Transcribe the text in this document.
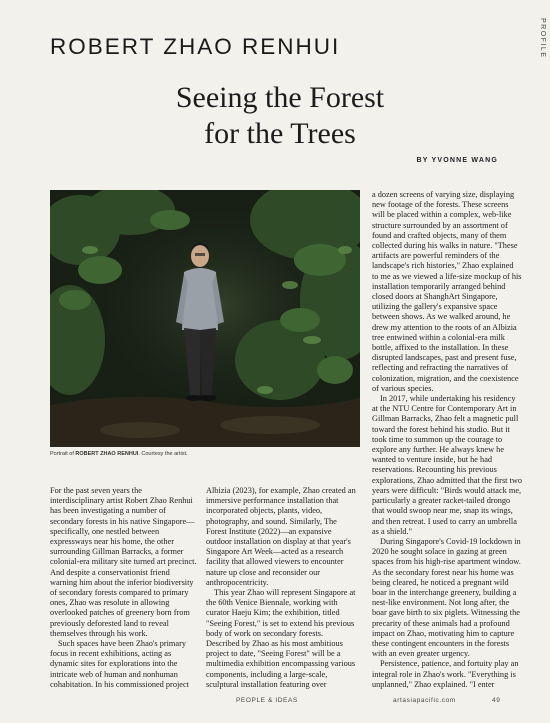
PROFILE
ROBERT ZHAO RENHUI
Seeing the Forest
for the Trees
BY YVONNE WANG
Portrait of ROBERT ZHAO RENHUI. Courtesy the artist.

For the past seven years the interdisciplinary artist Robert Zhao Renhui has been investigating a number of secondary forests in his native Singapore—specifically, one nestled between expressways near his home, the other surrounding Gillman Barracks, a former colonial-era military site turned art precinct. And despite a conservationist friend warning him about the inferior biodiversity of secondary forests compared to primary ones, Zhao was resolute in allowing overlooked patches of greenery born from previously deforested land to reveal themselves through his work.

Such spaces have been Zhao's primary focus in recent exhibitions, acting as dynamic sites for explorations into the intricate web of human and nonhuman cohabitation. In his commissioned project

Albizia (2023), for example, Zhao created an immersive performance installation that incorporated objects, plants, video, photography, and sound. Similarly, The Forest Institute (2022)—an expansive outdoor installation on display at that year's Singapore Art Week—acted as a research facility that allowed viewers to encounter nature up close and reconsider our anthropocentricity.

This year Zhao will represent Singapore at the 60th Venice Biennale, working with curator Haeju Kim; the exhibition, titled "Seeing Forest," is set to extend his previous body of work on secondary forests. Described by Zhao as his most ambitious project to date, "Seeing Forest" will be a multimedia exhibition encompassing various components, including a large-scale, sculptural installation featuring over

a dozen screens of varying size, displaying new footage of the forests. These screens will be placed within a complex, web-like structure surrounded by an assortment of found and crafted objects, many of them collected during his walks in nature. "These artifacts are powerful reminders of the landscape's rich histories," Zhao explained to me as we viewed a life-size mockup of his installation temporarily arranged behind closed doors at ShanghArt Singapore, utilizing the gallery's expansive space between shows. As we walked around, he drew my attention to the roots of an Albizia tree entwined within a colonial-era milk bottle, affixed to the installation. In these disrupted landscapes, past and present fuse, reflecting and refracting the narratives of colonization, migration, and the coexistence of various species.

In 2017, while undertaking his residency at the NTU Centre for Contemporary Art in Gillman Barracks, Zhao felt a magnetic pull toward the forest behind his studio. But it took time to summon up the courage to explore any further. He always knew he wanted to venture inside, but he had reservations. Recounting his previous explorations, Zhao admitted that the first two years were difficult: "Birds would attack me, particularly a greater racket-tailed drongo that would swoop near me, snap its wings, and then retreat. I used to carry an umbrella as a shield."

During Singapore's Covid-19 lockdown in 2020 he sought solace in gazing at green spaces from his high-rise apartment window. As the secondary forest near his home was being cleared, he noticed a pregnant wild boar in the interchange greenery, building a nest-like environment. Not long after, the boar gave birth to six piglets. Witnessing the precarity of these animals had a profound impact on Zhao, motivating him to capture these contingent encounters in the forests with an even greater urgency.

Persistence, patience, and fortuity play an integral role in Zhao's work. "Everything is unplanned," Zhao explained. "I enter

PEOPLE & IDEAS	artasiapacific.com	49
